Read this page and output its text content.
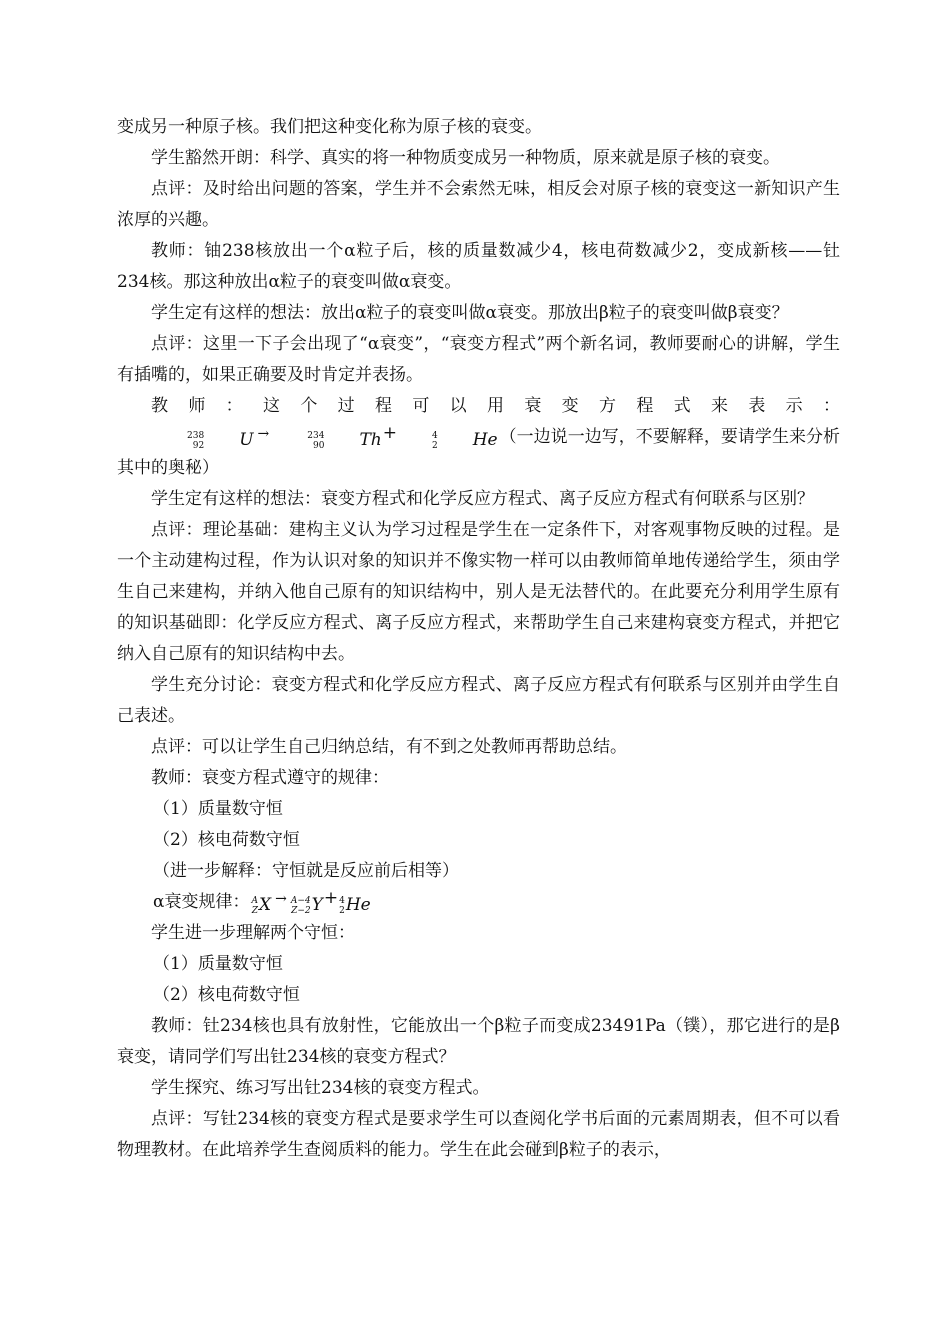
变成另一种原子核。我们把这种变化称为原子核的衰变。

学生豁然开朗：科学、真实的将一种物质变成另一种物质，原来就是原子核的衰变。

点评：及时给出问题的答案，学生并不会索然无味，相反会对原子核的衰变这一新知识产生浓厚的兴趣。

教师：铀238核放出一个α粒子后，核的质量数减少4，核电荷数减少2，变成新核——钍234核。那这种放出α粒子的衰变叫做α衰变。

学生定有这样的想法：放出α粒子的衰变叫做α衰变。那放出β粒子的衰变叫做β衰变？

点评：这里一下子会出现了“α衰变”，“衰变方程式”两个新名词，教师要耐心的讲解，学生有插嘴的，如果正确要及时肯定并表扬。

教师：这个过程可以用衰变方程式来表示：
238
92	U →	234
90	Th +	4
2	He （一边说一边写，不要解释，要请学生来分析其中的奥秘）

学生定有这样的想法：衰变方程式和化学反应方程式、离子反应方程式有何联系与区别？

点评：理论基础：建构主义认为学习过程是学生在一定条件下，对客观事物反映的过程。是一个主动建构过程，作为认识对象的知识并不像实物一样可以由教师简单地传递给学生，须由学生自己来建构，并纳入他自己原有的知识结构中，别人是无法替代的。在此要充分利用学生原有的知识基础即：化学反应方程式、离子反应方程式，来帮助学生自己来建构衰变方程式，并把它纳入自己原有的知识结构中去。

学生充分讨论：衰变方程式和化学反应方程式、离子反应方程式有何联系与区别并由学生自己表述。

点评：可以让学生自己归纳总结，有不到之处教师再帮助总结。

教师：衰变方程式遵守的规律：

（1）质量数守恒

（2）核电荷数守恒

（进一步解释：守恒就是反应前后相等）

α衰变规律： A
Z X → A−4
Z−2 Y + 4
2 He

学生进一步理解两个守恒：

（1）质量数守恒

（2）核电荷数守恒

教师：钍234核也具有放射性，它能放出一个β粒子而变成23491Pa（镤），那它进行的是β衰变，请同学们写出钍234核的衰变方程式？

学生探究、练习写出钍234核的衰变方程式。

点评：写钍234核的衰变方程式是要求学生可以查阅化学书后面的元素周期表，但不可以看物理教材。在此培养学生查阅质料的能力。学生在此会碰到β粒子的表示，
